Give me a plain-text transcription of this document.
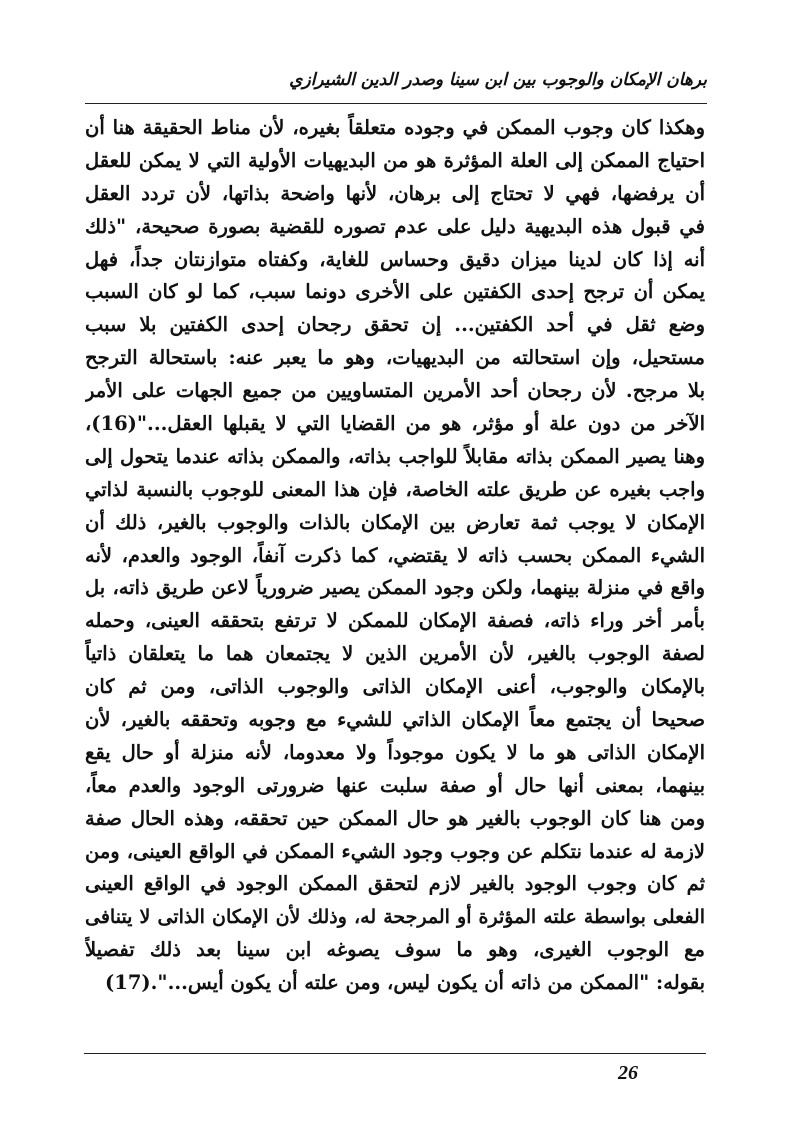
برهان الإمكان والوجوب بين ابن سينا وصدر الدين الشيرازي
وهكذا كان وجوب الممكن في وجوده متعلقاً بغيره، لأن مناط الحقيقة هنا أن
احتياج الممكن إلى العلة المؤثرة هو من البديهيات الأولية التي لا يمكن للعقل
أن يرفضها، فهي لا تحتاج إلى برهان، لأنها واضحة بذاتها، لأن تردد العقل
في قبول هذه البديهية دليل على عدم تصوره للقضية بصورة صحيحة، "ذلك
أنه إذا كان لدينا ميزان دقيق وحساس للغاية، وكفتاه متوازنتان جداً، فهل
يمكن أن ترجح إحدى الكفتين على الأخرى دونما سبب، كما لو كان السبب
وضع ثقل في أحد الكفتين... إن تحقق رجحان إحدى الكفتين بلا سبب
مستحيل، وإن استحالته من البديهيات، وهو ما يعبر عنه: باستحالة الترجح
بلا مرجح. لأن رجحان أحد الأمرين المتساويين من جميع الجهات على الأمر
الآخر من دون علة أو مؤثر، هو من القضايا التي لا يقبلها العقل..."(16)،
وهنا يصير الممكن بذاته مقابلاً للواجب بذاته، والممكن بذاته عندما يتحول إلى
واجب بغيره عن طريق علته الخاصة، فإن هذا المعنى للوجوب بالنسبة لذاتي
الإمكان لا يوجب ثمة تعارض بين الإمكان بالذات والوجوب بالغير، ذلك أن
الشيء الممكن بحسب ذاته لا يقتضي، كما ذكرت آنفاً، الوجود والعدم، لأنه
واقع في منزلة بينهما، ولكن وجود الممكن يصير ضرورياً لاعن طريق ذاته، بل
بأمر أخر وراء ذاته، فصفة الإمكان للممكن لا ترتفع بتحققه العينى، وحمله
لصفة الوجوب بالغير، لأن الأمرين الذين لا يجتمعان هما ما يتعلقان ذاتياً
بالإمكان والوجوب، أعنى الإمكان الذاتى والوجوب الذاتى، ومن ثم كان
صحيحا أن يجتمع معاً الإمكان الذاتي للشيء مع وجوبه وتحققه بالغير، لأن
الإمكان الذاتى هو ما لا يكون موجوداً ولا معدوما، لأنه منزلة أو حال يقع
بينهما، بمعنى أنها حال أو صفة سلبت عنها ضرورتى الوجود والعدم معاً،
ومن هنا كان الوجوب بالغير هو حال الممكن حين تحققه، وهذه الحال صفة
لازمة له عندما نتكلم عن وجوب وجود الشيء الممكن في الواقع العينى، ومن
ثم كان وجوب الوجود بالغير لازم لتحقق الممكن الوجود في الواقع العينى
الفعلى بواسطة علته المؤثرة أو المرجحة له، وذلك لأن الإمكان الذاتى لا يتنافى
مع الوجوب الغيرى، وهو ما سوف يصوغه ابن سينا بعد ذلك تفصيلاً
بقوله: "الممكن من ذاته أن يكون ليس، ومن علته أن يكون أيس...".(17)
26
